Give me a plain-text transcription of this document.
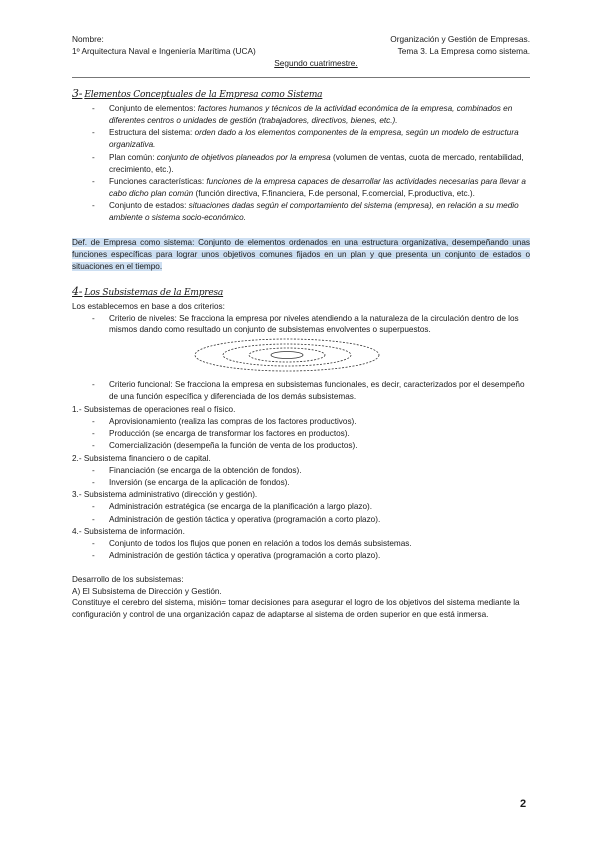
Nombre:	Organización y Gestión de Empresas.
1º Arquitectura Naval e Ingeniería Marítima (UCA)	Tema 3. La Empresa como sistema.
Segundo cuatrimestre.
3- Elementos Conceptuales de la Empresa como Sistema
- Conjunto de elementos: factores humanos y técnicos de la actividad económica de la empresa, combinados en diferentes centros o unidades de gestión (trabajadores, directivos, bienes, etc.).
- Estructura del sistema: orden dado a los elementos componentes de la empresa, según un modelo de estructura organizativa.
- Plan común: conjunto de objetivos planeados por la empresa (volumen de ventas, cuota de mercado, rentabilidad, crecimiento, etc.).
- Funciones características: funciones de la empresa capaces de desarrollar las actividades necesarias para llevar a cabo dicho plan común (función directiva, F.financiera, F.de personal, F.comercial, F.productiva, etc.).
- Conjunto de estados: situaciones dadas según el comportamiento del sistema (empresa), en relación a su medio ambiente o sistema socio-económico.

Def. de Empresa como sistema: Conjunto de elementos ordenados en una estructura organizativa, desempeñando unas funciones específicas para lograr unos objetivos comunes fijados en un plan y que presenta un conjunto de estados o situaciones en el tiempo.

4- Los Subsistemas de la Empresa

Los establecemos en base a dos criterios:

- Criterio de niveles: Se fracciona la empresa por niveles atendiendo a la naturaleza de la circulación dentro de los mismos dando como resultado un conjunto de subsistemas envolventes o superpuestos.
- Criterio funcional: Se fracciona la empresa en subsistemas funcionales, es decir, caracterizados por el desempeño de una función específica y diferenciada de los demás subsistemas.

1.- Subsistemas de operaciones real o físico.

- Aprovisionamiento (realiza las compras de los factores productivos).
- Producción (se encarga de transformar los factores en productos).
- Comercialización (desempeña la función de venta de los productos).

2.- Subsistema financiero o de capital.

- Financiación (se encarga de la obtención de fondos).
- Inversión (se encarga de la aplicación de fondos).

3.- Subsistema administrativo (dirección y gestión).

- Administración estratégica (se encarga de la planificación a largo plazo).
- Administración de gestión táctica y operativa (programación a corto plazo).

4.- Subsistema de información.

- Conjunto de todos los flujos que ponen en relación a todos los demás subsistemas.
- Administración de gestión táctica y operativa (programación a corto plazo).

Desarrollo de los subsistemas:

A) El Subsistema de Dirección y Gestión.

Constituye el cerebro del sistema, misión= tomar decisiones para asegurar el logro de los objetivos del sistema mediante la configuración y control de una organización capaz de adaptarse al sistema de orden superior en que está inmersa.

2
